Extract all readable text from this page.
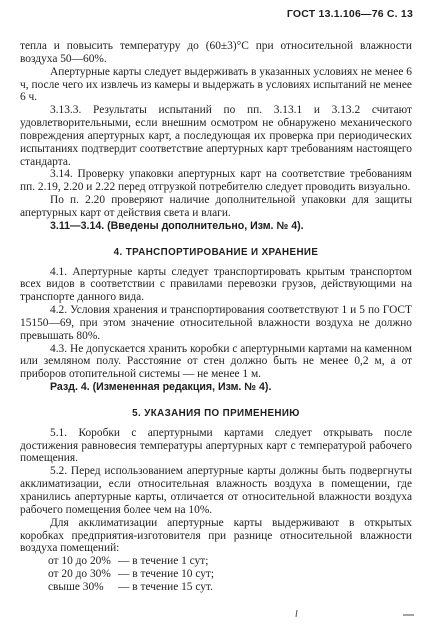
ГОСТ 13.1.106—76 С. 13

тепла и повысить температуру до (60±3)°С при относительной влажности воздуха 50—60%.

Апертурные карты следует выдерживать в указанных условиях не менее 6 ч, после чего их извлечь из камеры и выдержать в условиях испытаний не менее 6 ч.

3.13.3. Результаты испытаний по пп. 3.13.1 и 3.13.2 считают удовлетворительными, если внешним осмотром не обнаружено механического повреждения апертурных карт, а последующая их проверка при периодических испытаниях подтвердит соответствие апертурных карт требованиям настоящего стандарта.

3.14. Проверку упаковки апертурных карт на соответствие требованиям пп. 2.19, 2.20 и 2.22 перед отгрузкой потребителю следует проводить визуально.

По п. 2.20 проверяют наличие дополнительной упаковки для защиты апертурных карт от действия света и влаги.

3.11—3.14. (Введены дополнительно, Изм. № 4).

4. ТРАНСПОРТИРОВАНИЕ И ХРАНЕНИЕ

4.1. Апертурные карты следует транспортировать крытым транспортом всех видов в соответствии с правилами перевозки грузов, действующими на транспорте данного вида.

4.2. Условия хранения и транспортирования соответствуют 1 и 5 по ГОСТ 15150—69, при этом значение относительной влажности воздуха не должно превышать 80%.

4.3. Не допускается хранить коробки с апертурными картами на каменном или земляном полу. Расстояние от стен должно быть не менее 0,2 м, а от приборов отопительной системы — не менее 1 м.

Разд. 4. (Измененная редакция, Изм. № 4).

5. УКАЗАНИЯ ПО ПРИМЕНЕНИЮ

5.1. Коробки с апертурными картами следует открывать после достижения равновесия температуры апертурных карт с температурой рабочего помещения.

5.2. Перед использованием апертурные карты должны быть подвергнуты акклиматизации, если относительная влажность воздуха в помещении, где хранились апертурные карты, отличается от относительной влажности воздуха рабочего помещения более чем на 10%.

Для акклиматизации апертурные карты выдерживают в открытых коробках предприятия-изготовителя при разнице относительной влажности воздуха помещений:

от 10 до 20% — в течение 1 сут;
от 20 до 30% — в течение 10 сут;
свыше 30%	— в течение 15 сут.
